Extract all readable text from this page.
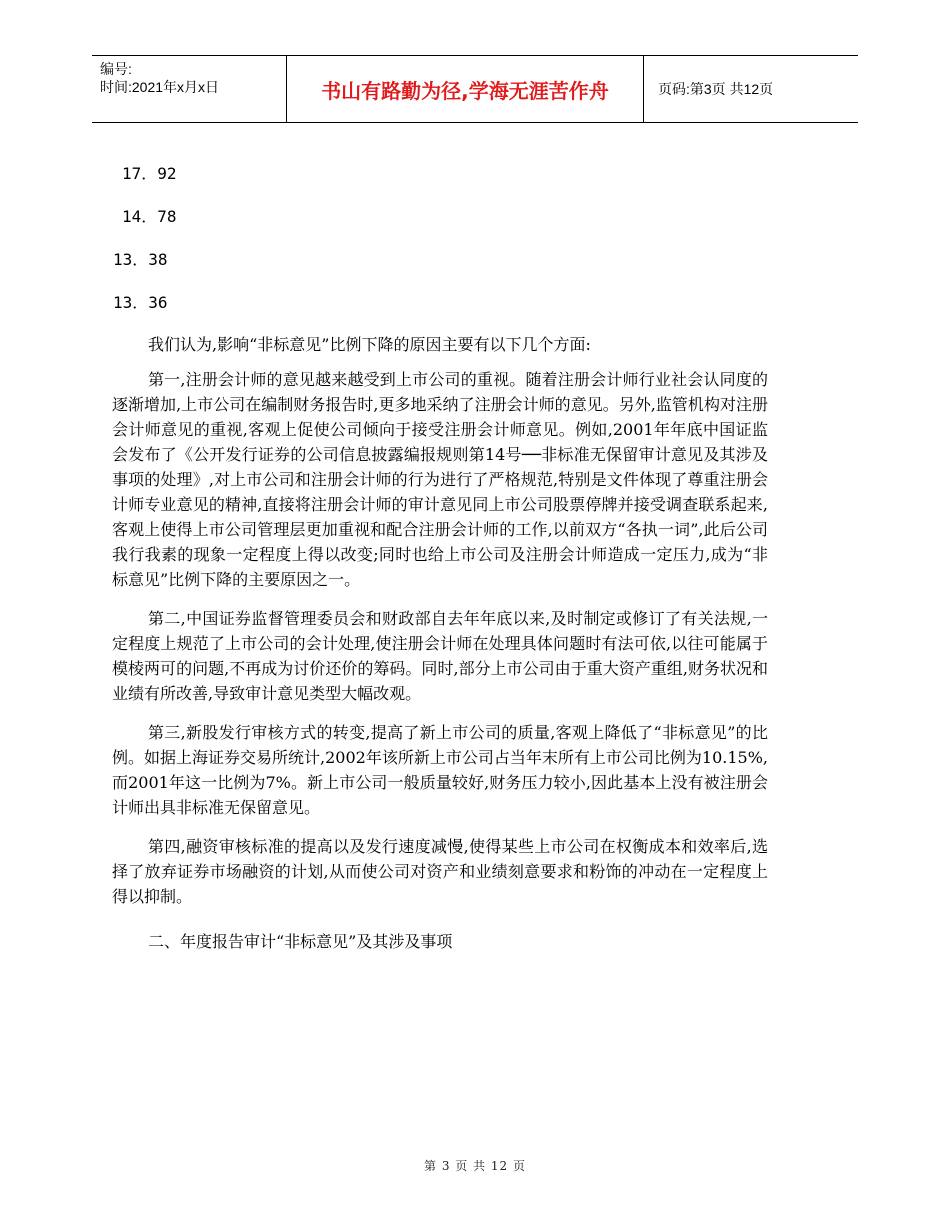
编号:
时间:2021年x月x日	书山有路勤为径,学海无涯苦作舟	页码:第3页 共12页
17．92
14．78
13．38
13．36

我们认为,影响“非标意见”比例下降的原因主要有以下几个方面:

第一,注册会计师的意见越来越受到上市公司的重视。随着注册会计师行业社会认同度的逐渐增加,上市公司在编制财务报告时,更多地采纳了注册会计师的意见。另外,监管机构对注册会计师意见的重视,客观上促使公司倾向于接受注册会计师意见。例如,2001年年底中国证监会发布了《公开发行证券的公司信息披露编报规则第14号──非标准无保留审计意见及其涉及事项的处理》,对上市公司和注册会计师的行为进行了严格规范,特别是文件体现了尊重注册会计师专业意见的精神,直接将注册会计师的审计意见同上市公司股票停牌并接受调查联系起来,客观上使得上市公司管理层更加重视和配合注册会计师的工作,以前双方“各执一词”,此后公司我行我素的现象一定程度上得以改变;同时也给上市公司及注册会计师造成一定压力,成为“非标意见”比例下降的主要原因之一。

第二,中国证券监督管理委员会和财政部自去年年底以来,及时制定或修订了有关法规,一定程度上规范了上市公司的会计处理,使注册会计师在处理具体问题时有法可依,以往可能属于模棱两可的问题,不再成为讨价还价的筹码。同时,部分上市公司由于重大资产重组,财务状况和业绩有所改善,导致审计意见类型大幅改观。

第三,新股发行审核方式的转变,提高了新上市公司的质量,客观上降低了“非标意见”的比例。如据上海证券交易所统计,2002年该所新上市公司占当年末所有上市公司比例为10.15%,而2001年这一比例为7%。新上市公司一般质量较好,财务压力较小,因此基本上没有被注册会计师出具非标准无保留意见。

第四,融资审核标准的提高以及发行速度减慢,使得某些上市公司在权衡成本和效率后,选择了放弃证券市场融资的计划,从而使公司对资产和业绩刻意要求和粉饰的冲动在一定程度上得以抑制。

二、年度报告审计“非标意见”及其涉及事项

第 3 页 共 12 页
